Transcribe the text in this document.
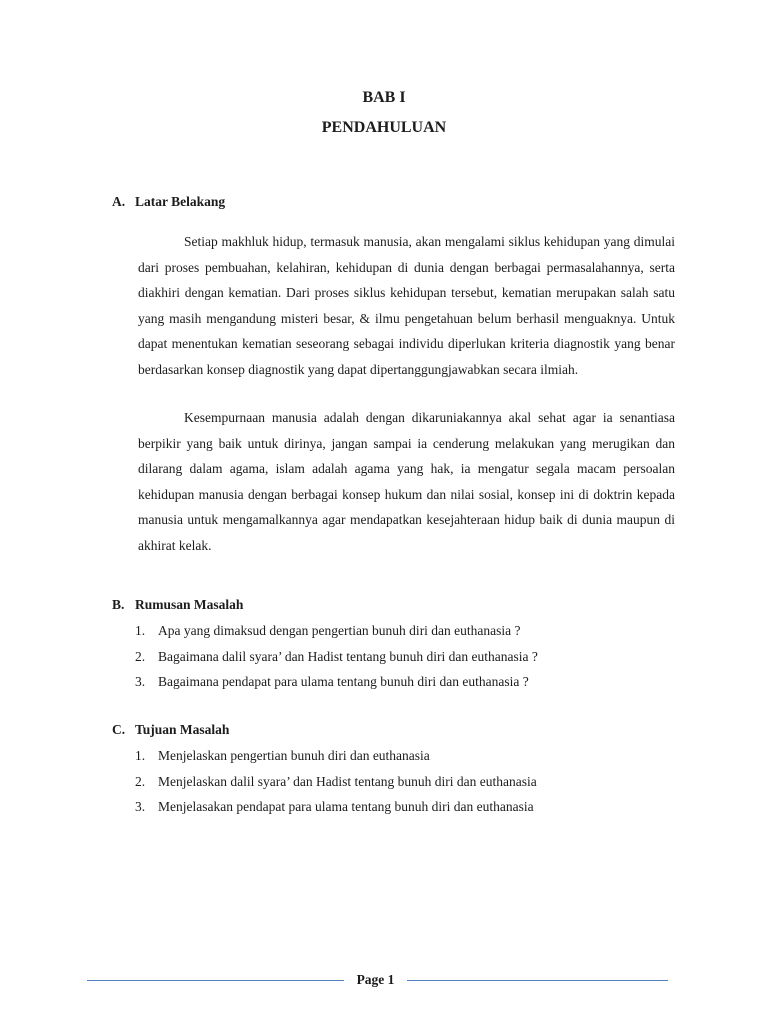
BAB I
PENDAHULUAN
A. Latar Belakang

Setiap makhluk hidup, termasuk manusia, akan mengalami siklus kehidupan yang dimulai dari proses pembuahan, kelahiran, kehidupan di dunia dengan berbagai permasalahannya, serta diakhiri dengan kematian. Dari proses siklus kehidupan tersebut, kematian merupakan salah satu yang masih mengandung misteri besar, & ilmu pengetahuan belum berhasil menguaknya. Untuk dapat menentukan kematian seseorang sebagai individu diperlukan kriteria diagnostik yang benar berdasarkan konsep diagnostik yang dapat dipertanggungjawabkan secara ilmiah.

Kesempurnaan manusia adalah dengan dikaruniakannya akal sehat agar ia senantiasa berpikir yang baik untuk dirinya, jangan sampai ia cenderung melakukan yang merugikan dan dilarang dalam agama, islam adalah agama yang hak, ia mengatur segala macam persoalan kehidupan manusia dengan berbagai konsep hukum dan nilai sosial, konsep ini di doktrin kepada manusia untuk mengamalkannya agar mendapatkan kesejahteraan hidup baik di dunia maupun di akhirat kelak.

B. Rumusan Masalah
1. Apa yang dimaksud dengan pengertian bunuh diri dan euthanasia ?
2. Bagaimana dalil syara’ dan Hadist tentang bunuh diri dan euthanasia ?
3. Bagaimana pendapat para ulama tentang bunuh diri dan euthanasia ?
C. Tujuan Masalah
1. Menjelaskan pengertian bunuh diri dan euthanasia
2. Menjelaskan dalil syara’ dan Hadist tentang bunuh diri dan euthanasia
3. Menjelasakan pendapat para ulama tentang bunuh diri dan euthanasia
Page 1
